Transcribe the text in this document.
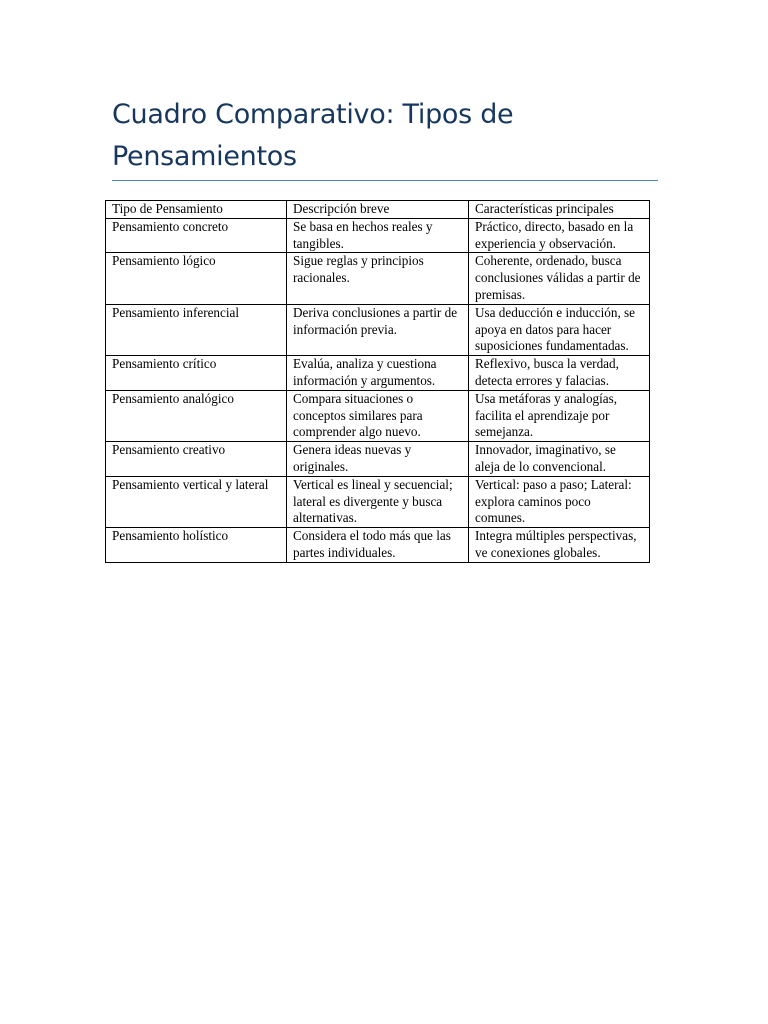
Cuadro Comparativo: Tipos de Pensamientos
Tipo de Pensamiento	Descripción breve	Características principales
Pensamiento concreto	Se basa en hechos reales y tangibles.	Práctico, directo, basado en la experiencia y observación.
Pensamiento lógico	Sigue reglas y principios racionales.	Coherente, ordenado, busca conclusiones válidas a partir de premisas.
Pensamiento inferencial	Deriva conclusiones a partir de información previa.	Usa deducción e inducción, se apoya en datos para hacer suposiciones fundamentadas.
Pensamiento crítico	Evalúa, analiza y cuestiona información y argumentos.	Reflexivo, busca la verdad, detecta errores y falacias.
Pensamiento analógico	Compara situaciones o conceptos similares para comprender algo nuevo.	Usa metáforas y analogías, facilita el aprendizaje por semejanza.
Pensamiento creativo	Genera ideas nuevas y originales.	Innovador, imaginativo, se aleja de lo convencional.
Pensamiento vertical y lateral	Vertical es lineal y secuencial; lateral es divergente y busca alternativas.	Vertical: paso a paso; Lateral: explora caminos poco comunes.
Pensamiento holístico	Considera el todo más que las partes individuales.	Integra múltiples perspectivas, ve conexiones globales.
